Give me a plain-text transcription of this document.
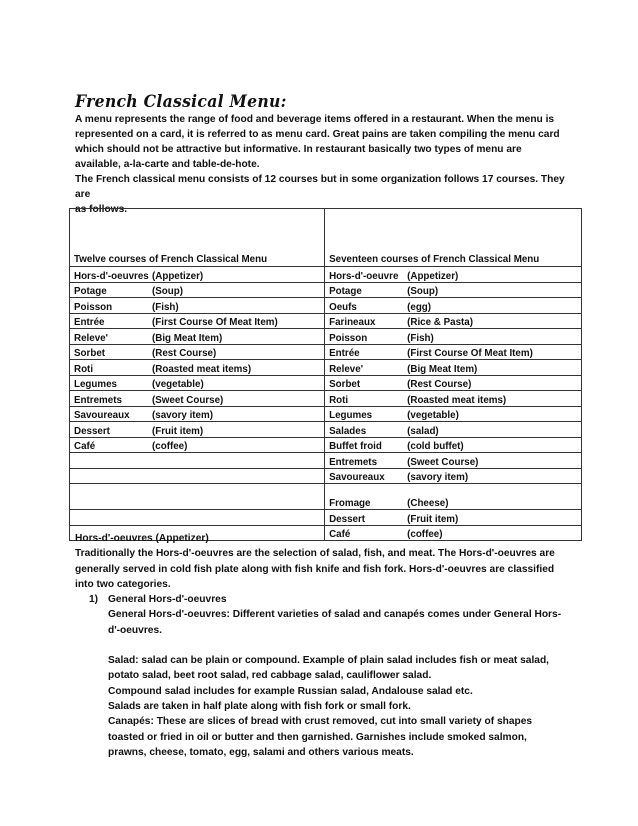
French Classical Menu:

A menu represents the range of food and beverage items offered in a restaurant. When the menu is

represented on a card, it is referred to as menu card. Great pains are taken compiling the menu card

which should not be attractive but informative. In restaurant basically two types of menu are

available, a-la-carte and table-de-hote.

The French classical menu consists of 12 courses but in some organization follows 17 courses. They are

as follows.

Twelve courses of French Classical Menu	Seventeen courses of French Classical Menu
Hors-d'-oeuvres (Appetizer)	Hors-d'-oeuvre (Appetizer)
Potage (Soup)	Potage (Soup)
Poisson (Fish)	Oeufs (egg)
Entrée (First Course Of Meat Item)	Farineaux (Rice & Pasta)
Releve' (Big Meat Item)	Poisson (Fish)
Sorbet (Rest Course)	Entrée (First Course Of Meat Item)
Roti (Roasted meat items)	Releve' (Big Meat Item)
Legumes (vegetable)	Sorbet (Rest Course)
Entremets (Sweet Course)	Roti (Roasted meat items)
Savoureaux (savory item)	Legumes (vegetable)
Dessert (Fruit item)	Salades (salad)
Café (coffee)	Buffet froid (cold buffet)
	Entremets (Sweet Course)
	Savoureaux (savory item)
	Fromage (Cheese)
	Dessert (Fruit item)
	Café (coffee)

Hors-d'-oeuvres (Appetizer)

Traditionally the Hors-d'-oeuvres are the selection of salad, fish, and meat. The Hors-d'-oeuvres are

generally served in cold fish plate along with fish knife and fish fork. Hors-d'-oeuvres are classified

into two categories.

1) General Hors-d'-oeuvres
General Hors-d'-oeuvres: Different varieties of salad and canapés comes under General Hors-
d'-oeuvres.
Salad: salad can be plain or compound. Example of plain salad includes fish or meat salad,
potato salad, beet root salad, red cabbage salad, cauliflower salad.
Compound salad includes for example Russian salad, Andalouse salad etc.
Salads are taken in half plate along with fish fork or small fork.
Canapés: These are slices of bread with crust removed, cut into small variety of shapes
toasted or fried in oil or butter and then garnished. Garnishes include smoked salmon,
prawns, cheese, tomato, egg, salami and others various meats.
